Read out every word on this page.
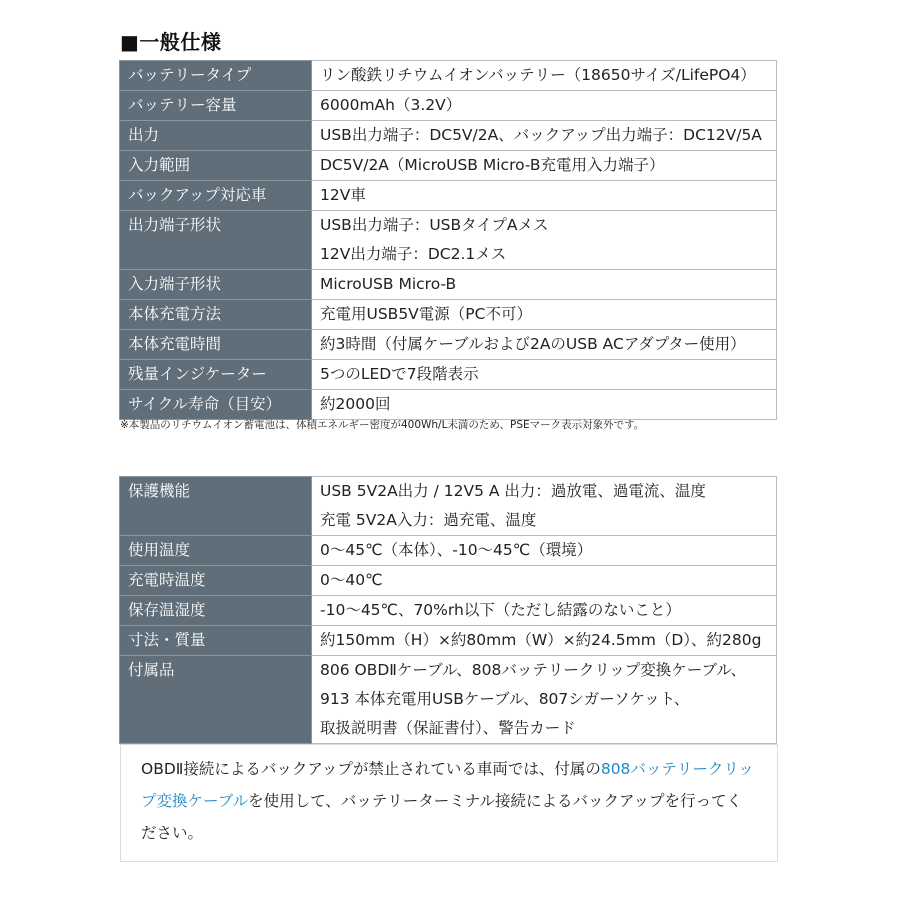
■一般仕様
バッテリータイプ	リン酸鉄リチウムイオンバッテリー（18650サイズ/LifePO4）

バッテリー容量	6000mAh（3.2V）

出力	USB出力端子：DC5V/2A、バックアップ出力端子：DC12V/5A

入力範囲	DC5V/2A（MicroUSB Micro-B充電用入力端子）

バックアップ対応車	12V車

出力端子形状	USB出力端子：USBタイプAメス
12V出力端子：DC2.1メス

入力端子形状	MicroUSB Micro-B

本体充電方法	充電用USB5V電源（PC不可）

本体充電時間	約3時間（付属ケーブルおよび2AのUSB ACアダプター使用）

残量インジケーター	5つのLEDで7段階表示

サイクル寿命（目安）	約2000回
※本製品のリチウムイオン蓄電池は、体積エネルギー密度が400Wh/L未満のため、PSEマーク表示対象外です。
保護機能	USB 5V2A出力 / 12V5 A 出力：過放電、過電流、温度
充電 5V2A入力：過充電、温度

使用温度	0～45℃（本体）、-10～45℃（環境）

充電時温度	0～40℃

保存温湿度	-10～45℃、70%rh以下（ただし結露のないこと）

寸法・質量	約150mm（H）×約80mm（W）×約24.5mm（D）、約280g

付属品	806 OBDⅡケーブル、808バッテリークリップ変換ケーブル、
913 本体充電用USBケーブル、807シガーソケット、
取扱説明書（保証書付）、警告カード
OBDⅡ接続によるバックアップが禁止されている車両では、付属の808バッテリークリップ変換ケーブルを使用して、バッテリーターミナル接続によるバックアップを行ってください。
